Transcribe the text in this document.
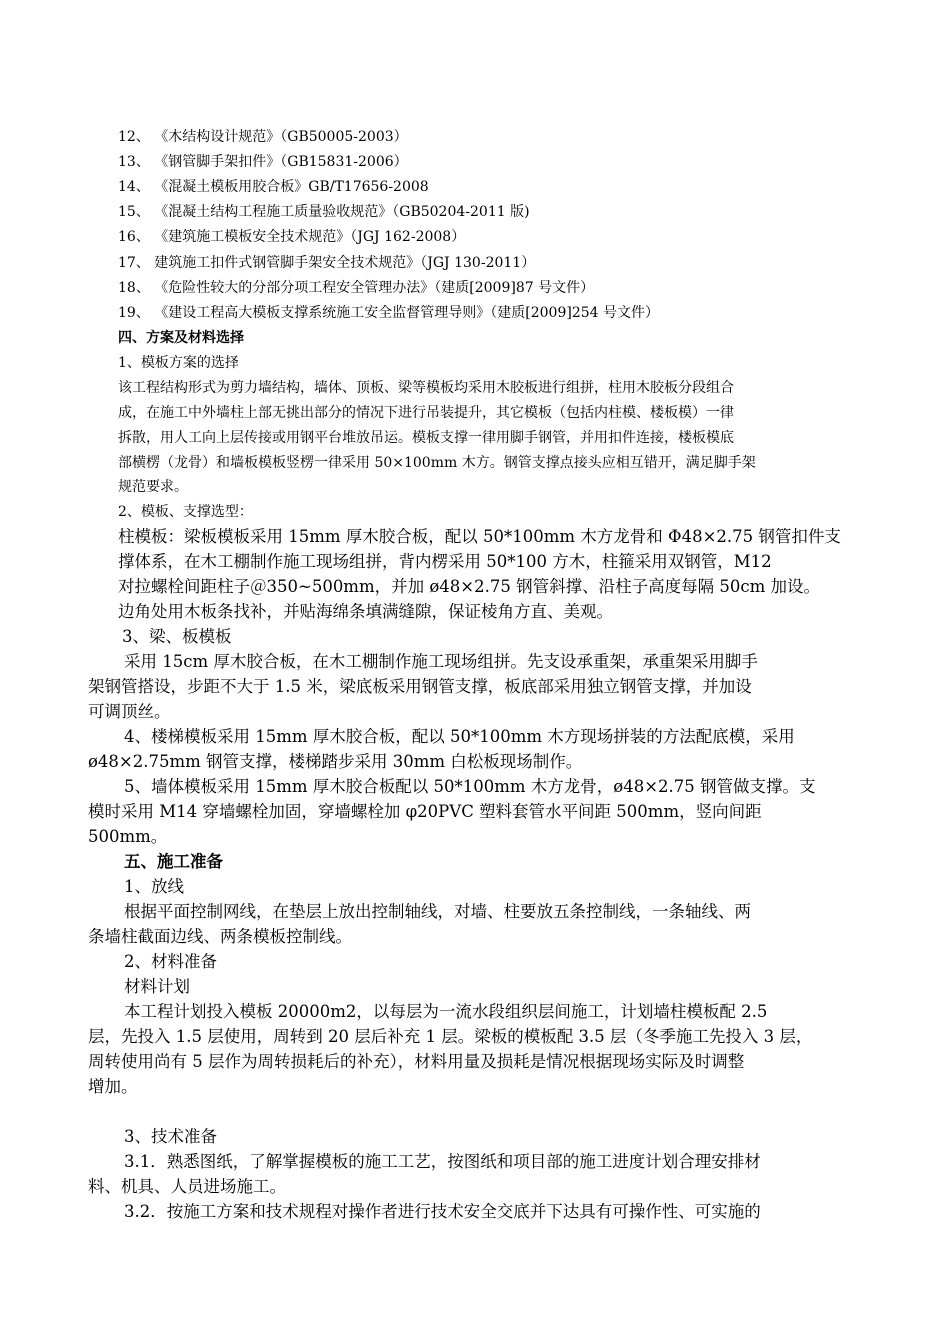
12、 《木结构设计规范》（GB50005-2003）
13、 《钢管脚手架扣件》（GB15831-2006）
14、 《混凝土模板用胶合板》GB/T17656-2008
15、 《混凝土结构工程施工质量验收规范》（GB50204-2011 版)
16、 《建筑施工模板安全技术规范》（JGJ 162-2008）
17、 建筑施工扣件式钢管脚手架安全技术规范》（JGJ 130-2011）
18、 《危险性较大的分部分项工程安全管理办法》（建质[2009]87 号文件）
19、 《建设工程高大模板支撑系统施工安全监督管理导则》（建质[2009]254 号文件）
四、方案及材料选择
1、模板方案的选择
该工程结构形式为剪力墙结构，墙体、顶板、梁等模板均采用木胶板进行组拼，柱用木胶板分段组合
成，在施工中外墙柱上部无挑出部分的情况下进行吊装提升，其它模板（包括内柱模、楼板模）一律
拆散，用人工向上层传接或用钢平台堆放吊运。模板支撑一律用脚手钢管，并用扣件连接，楼板模底
部横楞（龙骨）和墙板模板竖楞一律采用 50×100mm 木方。钢管支撑点接头应相互错开，满足脚手架
规范要求。
2、模板、支撑选型：
柱模板：梁板模板采用 15mm 厚木胶合板，配以 50*100mm 木方龙骨和 Φ48×2.75 钢管扣件支
撑体系，在木工棚制作施工现场组拼，背内楞采用 50*100 方木，柱箍采用双钢管，M12
对拉螺栓间距柱子＠350~500mm，并加 ø48×2.75 钢管斜撑、沿柱子高度每隔 50cm 加设。
边角处用木板条找补，并贴海绵条填满缝隙，保证棱角方直、美观。
3、梁、板模板
采用 15cm 厚木胶合板，在木工棚制作施工现场组拼。先支设承重架，承重架采用脚手
架钢管搭设，步距不大于 1.5 米，梁底板采用钢管支撑，板底部采用独立钢管支撑，并加设
可调顶丝。
4、楼梯模板采用 15mm 厚木胶合板，配以 50*100mm 木方现场拼装的方法配底模，采用
ø48×2.75mm 钢管支撑，楼梯踏步采用 30mm 白松板现场制作。
5、墙体模板采用 15mm 厚木胶合板配以 50*100mm 木方龙骨，ø48×2.75 钢管做支撑。支
模时采用 M14 穿墙螺栓加固，穿墙螺栓加 φ20PVC 塑料套管水平间距 500mm，竖向间距
500mm。
五、施工准备
1、放线
根据平面控制网线，在垫层上放出控制轴线，对墙、柱要放五条控制线，一条轴线、两
条墙柱截面边线、两条模板控制线。
2、材料准备
材料计划
本工程计划投入模板 20000m2，以每层为一流水段组织层间施工，计划墙柱模板配 2.5
层，先投入 1.5 层使用，周转到 20 层后补充 1 层。梁板的模板配 3.5 层（冬季施工先投入 3 层，
周转使用尚有 5 层作为周转损耗后的补充），材料用量及损耗是情况根据现场实际及时调整
增加。
3、技术准备
3.1．熟悉图纸，了解掌握模板的施工工艺，按图纸和项目部的施工进度计划合理安排材
料、机具、人员进场施工。
3.2．按施工方案和技术规程对操作者进行技术安全交底并下达具有可操作性、可实施的
